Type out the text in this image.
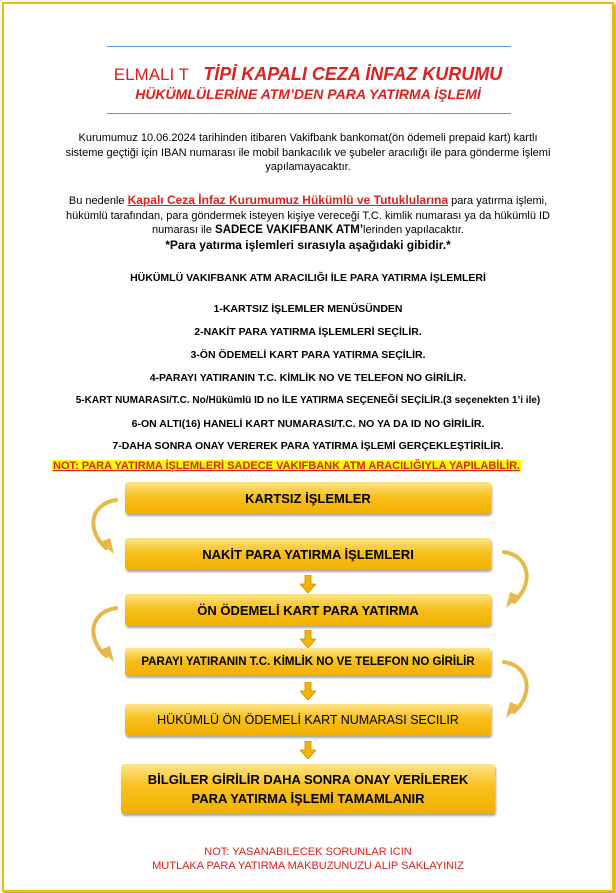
ELMALI T TİPİ KAPALI CEZA İNFAZ KURUMU
HÜKÜMLÜLERİNE ATM’DEN PARA YATIRMA İŞLEMİ
Kurumumuz 10.06.2024 tarihinden itibaren Vakifbank bankomat(ön ödemeli prepaid kart) kartlı
sisteme geçtiği için IBAN numarası ile mobil bankacılık ve şubeler aracılığı ile para gönderme işlemi
yapılamayacaktır.
Bu nedenle Kapalı Ceza İnfaz Kurumumuz Hükümlü ve Tutuklularına para yatırma işlemi,
hükümlü tarafından, para göndermek isteyen kişiye vereceği T.C. kimlik numarası ya da hükümlü ID
numarası ile SADECE VAKIFBANK ATM’lerinden yapılacaktır.
*Para yatırma işlemleri sırasıyla aşağıdaki gibidir.*
HÜKÜMLÜ VAKIFBANK ATM ARACILIĞI İLE PARA YATIRMA İŞLEMLERİ
1-KARTSIZ İŞLEMLER MENÜSÜNDEN
2-NAKİT PARA YATIRMA İŞLEMLERİ SEÇİLİR.
3-ÖN ÖDEMELİ KART PARA YATIRMA SEÇİLİR.
4-PARAYI YATIRANIN T.C. KİMLİK NO VE TELEFON NO GİRİLİR.
5-KART NUMARASI/T.C. No/Hükümlü ID no İLE YATIRMA SEÇENEĞİ SEÇİLİR.(3 seçenekten 1’i ile)
6-ON ALTI(16) HANELİ KART NUMARASI/T.C. NO YA DA ID NO GİRİLİR.
7-DAHA SONRA ONAY VEREREK PARA YATIRMA İŞLEMİ GERÇEKLEŞTİRİLİR.
NOT: PARA YATIRMA İŞLEMLERİ SADECE VAKIFBANK ATM ARACILIĞIYLA YAPILABİLİR.
KARTSIZ İŞLEMLER
NAKİT PARA YATIRMA İŞLEMLERI
ÖN ÖDEMELİ KART PARA YATIRMA
PARAYI YATIRANIN T.C. KİMLİK NO VE TELEFON NO GİRİLİR
HÜKÜMLÜ ÖN ÖDEMELİ KART NUMARASI SECILIR
BİLGİLER GİRİLİR DAHA SONRA ONAY VERİLEREK
PARA YATIRMA İŞLEMİ TAMAMLANIR
NOT: YASANABILECEK SORUNLAR ICIN
MUTLAKA PARA YATIRMA MAKBUZUNUZU ALIP SAKLAYINIZ
